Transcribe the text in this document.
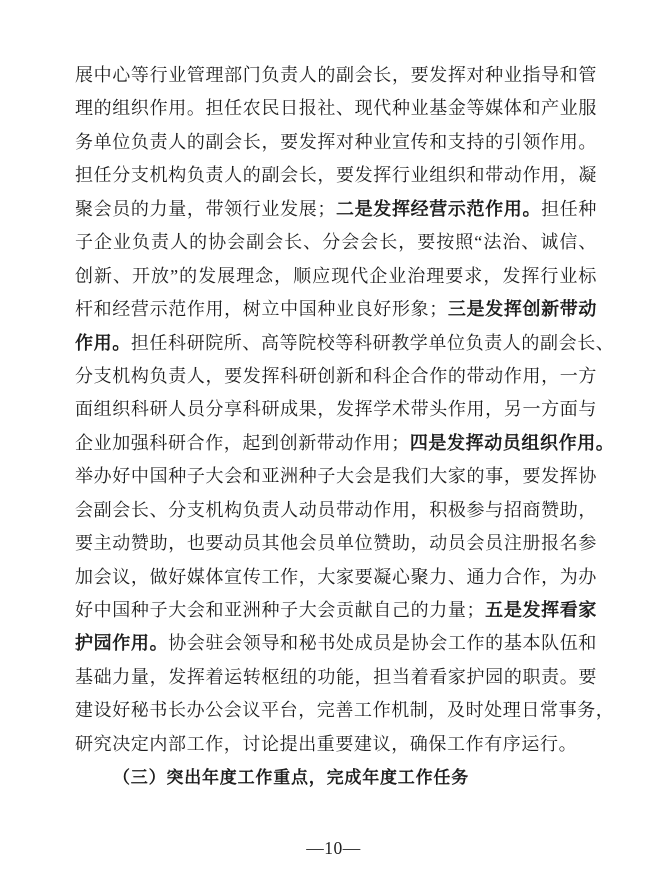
展中心等行业管理部门负责人的副会长，要发挥对种业指导和管
理的组织作用。担任农民日报社、现代种业基金等媒体和产业服
务单位负责人的副会长，要发挥对种业宣传和支持的引领作用。
担任分支机构负责人的副会长，要发挥行业组织和带动作用，凝
聚会员的力量，带领行业发展；二是发挥经营示范作用。担任种
子企业负责人的协会副会长、分会会长，要按照“法治、诚信、
创新、开放”的发展理念，顺应现代企业治理要求，发挥行业标
杆和经营示范作用，树立中国种业良好形象；三是发挥创新带动
作用。担任科研院所、高等院校等科研教学单位负责人的副会长、
分支机构负责人，要发挥科研创新和科企合作的带动作用，一方
面组织科研人员分享科研成果，发挥学术带头作用，另一方面与
企业加强科研合作，起到创新带动作用；四是发挥动员组织作用。
举办好中国种子大会和亚洲种子大会是我们大家的事，要发挥协
会副会长、分支机构负责人动员带动作用，积极参与招商赞助，
要主动赞助，也要动员其他会员单位赞助，动员会员注册报名参
加会议，做好媒体宣传工作，大家要凝心聚力、通力合作，为办
好中国种子大会和亚洲种子大会贡献自己的力量；五是发挥看家
护园作用。协会驻会领导和秘书处成员是协会工作的基本队伍和
基础力量，发挥着运转枢纽的功能，担当着看家护园的职责。要
建设好秘书长办公会议平台，完善工作机制，及时处理日常事务，
研究决定内部工作，讨论提出重要建议，确保工作有序运行。
（三）突出年度工作重点，完成年度工作任务
—10—
